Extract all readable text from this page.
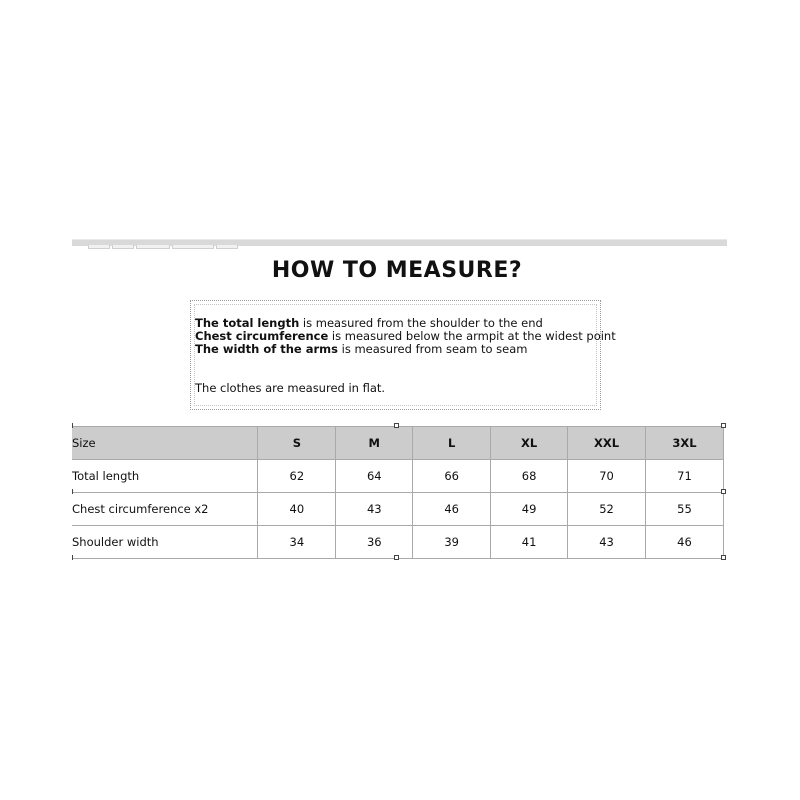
HOW TO MEASURE?
The total length is measured from the shoulder to the end
Chest circumference is measured below the armpit at the widest point
The width of the arms is measured from seam to seam
The clothes are measured in flat.
Size	S	M	L	XL	XXL	3XL
Total length	62	64	66	68	70	71
Chest circumference x2	40	43	46	49	52	55
Shoulder width	34	36	39	41	43	46
